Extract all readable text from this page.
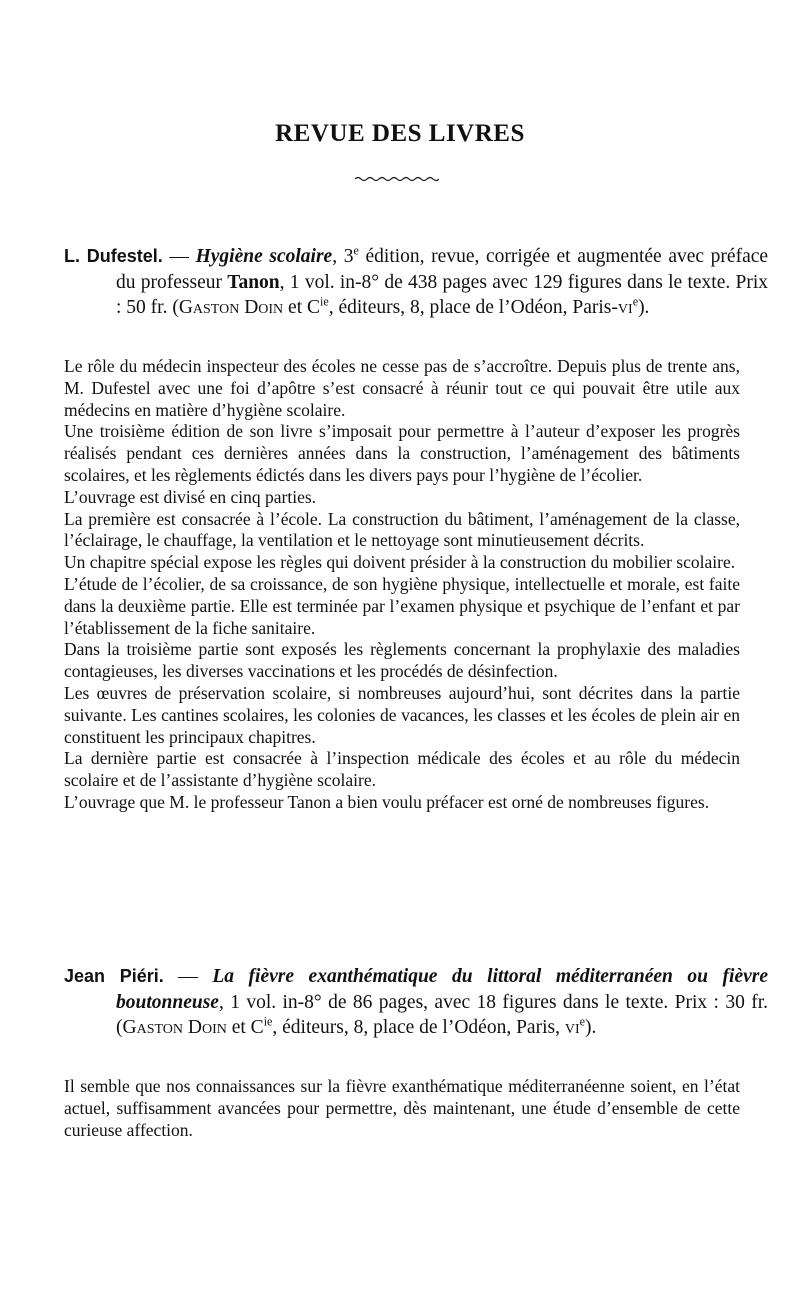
REVUE DES LIVRES
L. Dufestel. — Hygiène scolaire, 3e édition, revue, corrigée et augmentée avec préface du professeur Tanon, 1 vol. in-8° de 438 pages avec 129 figures dans le texte. Prix : 50 fr. (Gaston Doin et $C^{ie}$, éditeurs, 8, place de l’Odéon, Paris-$vi^e$).

Le rôle du médecin inspecteur des écoles ne cesse pas de s’accroître. Depuis plus de trente ans, M. Dufestel avec une foi d’apôtre s’est consacré à réunir tout ce qui pouvait être utile aux médecins en matière d’hygiène scolaire.

Une troisième édition de son livre s’imposait pour permettre à l’auteur d’exposer les progrès réalisés pendant ces dernières années dans la construction, l’aménagement des bâtiments scolaires, et les règlements édictés dans les divers pays pour l’hygiène de l’écolier.

L’ouvrage est divisé en cinq parties.

La première est consacrée à l’école. La construction du bâtiment, l’aménagement de la classe, l’éclairage, le chauffage, la ventilation et le nettoyage sont minutieusement décrits.

Un chapitre spécial expose les règles qui doivent présider à la construction du mobilier scolaire.

L’étude de l’écolier, de sa croissance, de son hygiène physique, intellectuelle et morale, est faite dans la deuxième partie. Elle est terminée par l’examen physique et psychique de l’enfant et par l’établissement de la fiche sanitaire.

Dans la troisième partie sont exposés les règlements concernant la prophylaxie des maladies contagieuses, les diverses vaccinations et les procédés de désinfection.

Les œuvres de préservation scolaire, si nombreuses aujourd’hui, sont décrites dans la partie suivante. Les cantines scolaires, les colonies de vacances, les classes et les écoles de plein air en constituent les principaux chapitres.

La dernière partie est consacrée à l’inspection médicale des écoles et au rôle du médecin scolaire et de l’assistante d’hygiène scolaire.

L’ouvrage que M. le professeur Tanon a bien voulu préfacer est orné de nombreuses figures.

Jean Piéri. — La fièvre exanthématique du littoral méditerranéen ou fièvre boutonneuse, 1 vol. in-8° de 86 pages, avec 18 figures dans le texte. Prix : 30 fr. (Gaston Doin et $C^{ie}$, éditeurs, 8, place de l’Odéon, Paris, $vi^e$).

Il semble que nos connaissances sur la fièvre exanthématique méditerranéenne soient, en l’état actuel, suffisamment avancées pour permettre, dès maintenant, une étude d’ensemble de cette curieuse affection.
